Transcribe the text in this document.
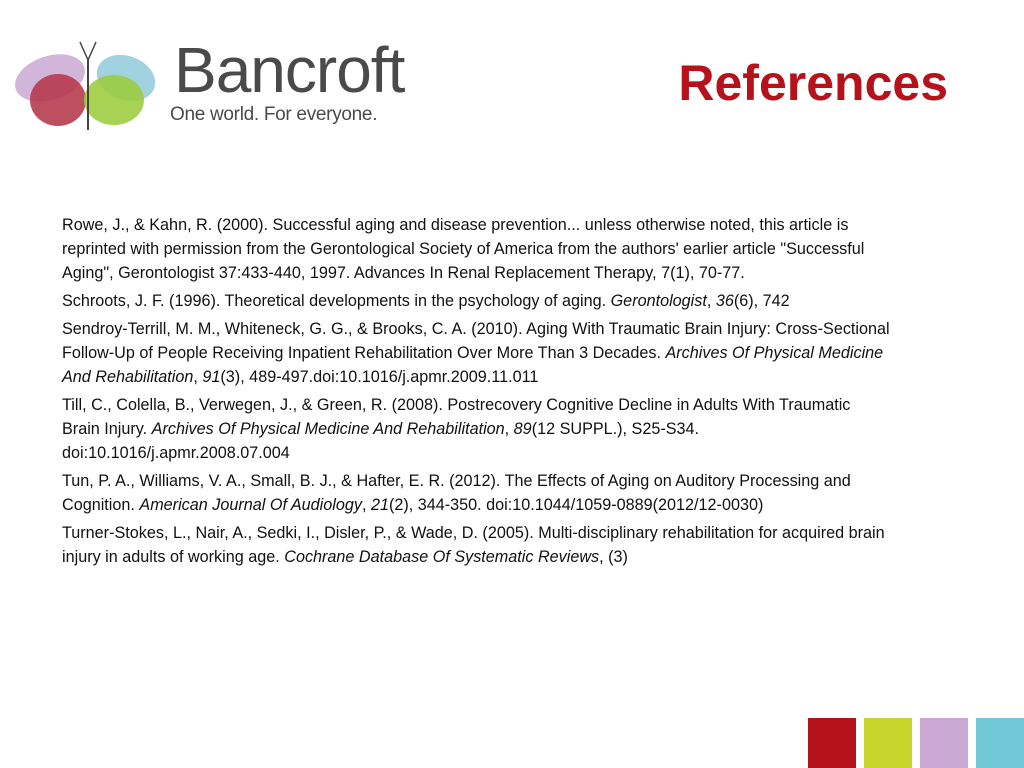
Bancroft
One world. For everyone.
References

Rowe, J., & Kahn, R. (2000). Successful aging and disease prevention... unless otherwise noted, this article is reprinted with permission from the Gerontological Society of America from the authors' earlier article "Successful Aging", Gerontologist 37:433-440, 1997. Advances In Renal Replacement Therapy, 7(1), 70-77.

Schroots, J. F. (1996). Theoretical developments in the psychology of aging. Gerontologist, 36(6), 742

Sendroy-Terrill, M. M., Whiteneck, G. G., & Brooks, C. A. (2010). Aging With Traumatic Brain Injury: Cross-Sectional Follow-Up of People Receiving Inpatient Rehabilitation Over More Than 3 Decades. Archives Of Physical Medicine And Rehabilitation, 91(3), 489-497.doi:10.1016/j.apmr.2009.11.011

Till, C., Colella, B., Verwegen, J., & Green, R. (2008). Postrecovery Cognitive Decline in Adults With Traumatic Brain Injury. Archives Of Physical Medicine And Rehabilitation, 89(12 SUPPL.), S25-S34. doi:10.1016/j.apmr.2008.07.004

Tun, P. A., Williams, V. A., Small, B. J., & Hafter, E. R. (2012). The Effects of Aging on Auditory Processing and Cognition. American Journal Of Audiology, 21(2), 344-350. doi:10.1044/1059-0889(2012/12-0030)

Turner-Stokes, L., Nair, A., Sedki, I., Disler, P., & Wade, D. (2005). Multi-disciplinary rehabilitation for acquired brain injury in adults of working age. Cochrane Database Of Systematic Reviews, (3)
